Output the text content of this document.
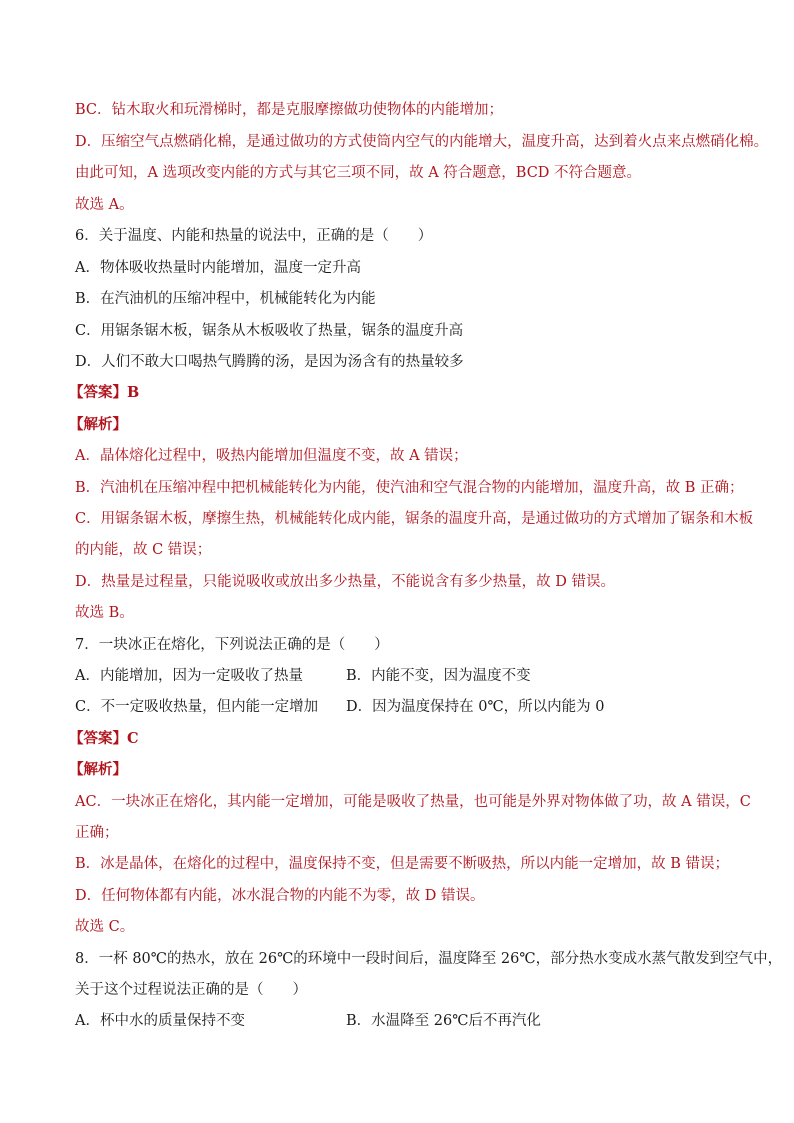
BC．钻木取火和玩滑梯时，都是克服摩擦做功使物体的内能增加；
D．压缩空气点燃硝化棉，是通过做功的方式使筒内空气的内能增大，温度升高，达到着火点来点燃硝化棉。
由此可知，A 选项改变内能的方式与其它三项不同，故 A 符合题意，BCD 不符合题意。
故选 A。
6．关于温度、内能和热量的说法中，正确的是（　　）
A．物体吸收热量时内能增加，温度一定升高
B．在汽油机的压缩冲程中，机械能转化为内能
C．用锯条锯木板，锯条从木板吸收了热量，锯条的温度升高
D．人们不敢大口喝热气腾腾的汤，是因为汤含有的热量较多
【答案】B
【解析】
A．晶体熔化过程中，吸热内能增加但温度不变，故 A 错误；
B．汽油机在压缩冲程中把机械能转化为内能，使汽油和空气混合物的内能增加，温度升高，故 B 正确；
C．用锯条锯木板，摩擦生热，机械能转化成内能，锯条的温度升高，是通过做功的方式增加了锯条和木板
的内能，故 C 错误；
D．热量是过程量，只能说吸收或放出多少热量，不能说含有多少热量，故 D 错误。
故选 B。
7．一块冰正在熔化，下列说法正确的是（　　）
A．内能增加，因为一定吸收了热量	B．内能不变，因为温度不变
C．不一定吸收热量，但内能一定增加 D．因为温度保持在 0℃，所以内能为 0
【答案】C
【解析】
AC．一块冰正在熔化，其内能一定增加，可能是吸收了热量，也可能是外界对物体做了功，故 A 错误，C
正确；
B．冰是晶体，在熔化的过程中，温度保持不变，但是需要不断吸热，所以内能一定增加，故 B 错误；
D．任何物体都有内能，冰水混合物的内能不为零，故 D 错误。
故选 C。
8．一杯 80℃的热水，放在 26℃的环境中一段时间后，温度降至 26℃，部分热水变成水蒸气散发到空气中，
关于这个过程说法正确的是（　　）
A．杯中水的质量保持不变	B．水温降至 26℃后不再汽化
